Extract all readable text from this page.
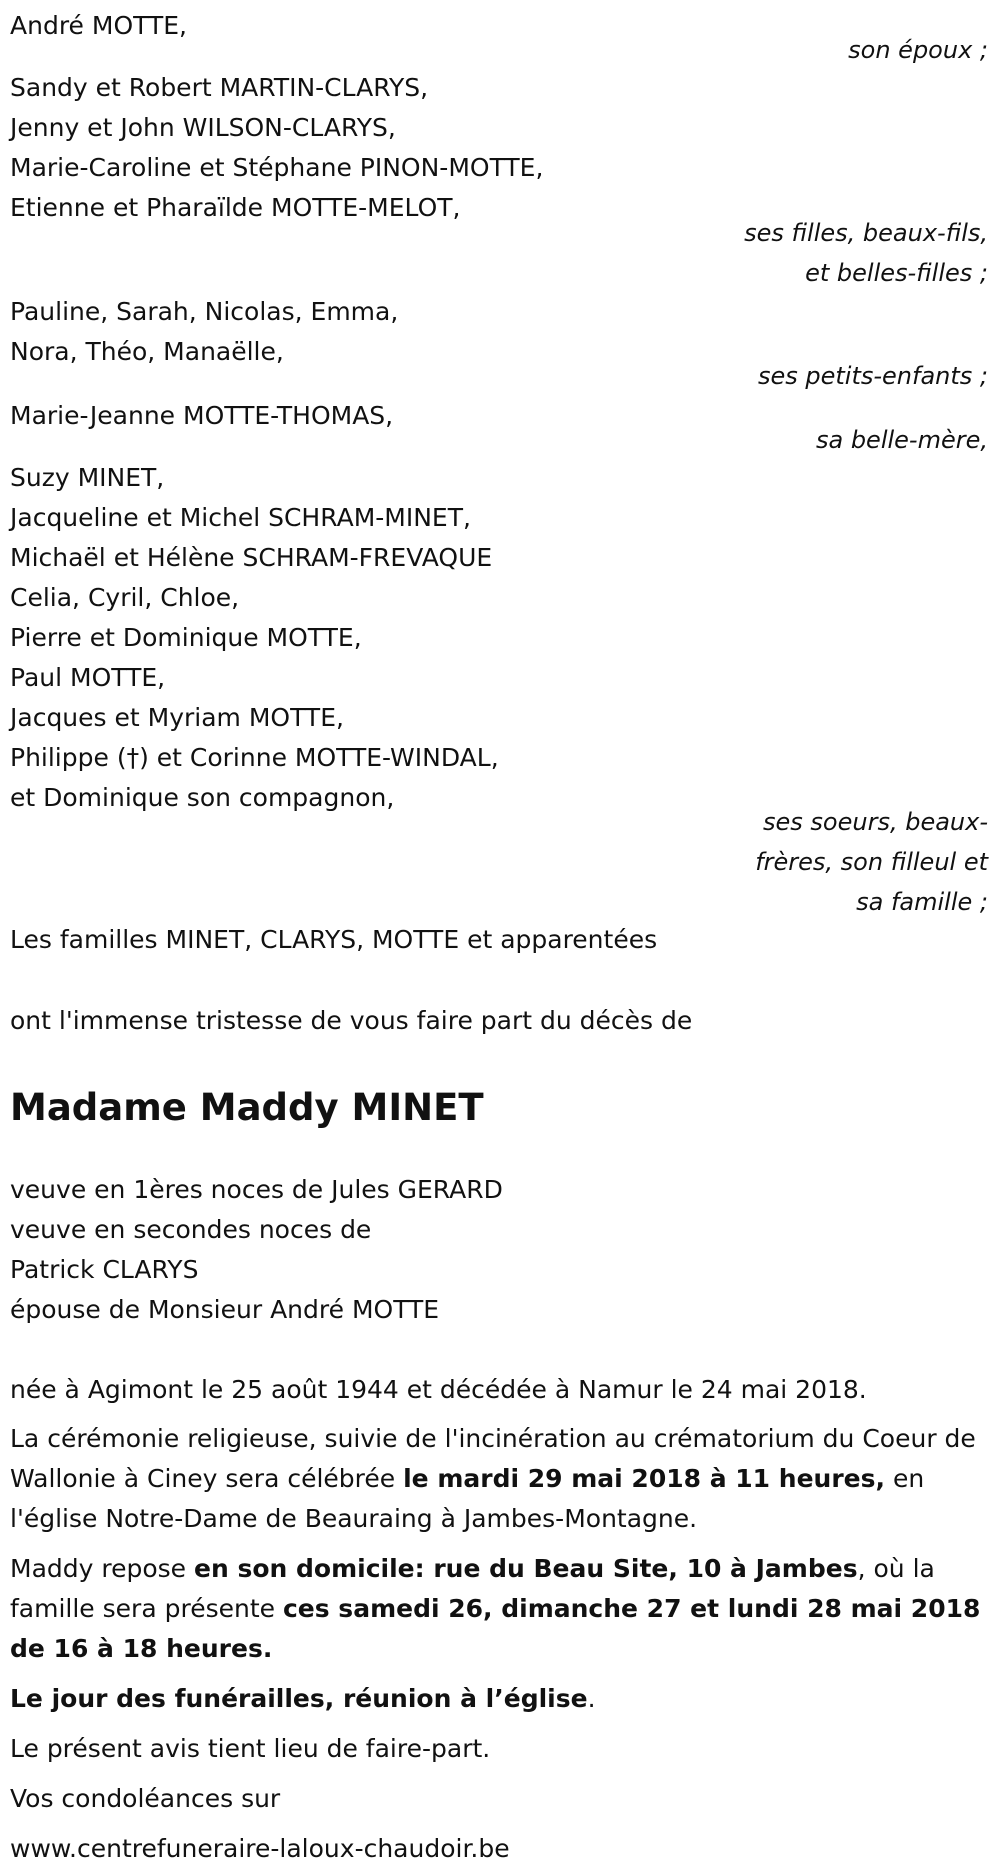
André MOTTE,
son époux ;
Sandy et Robert MARTIN-CLARYS,
Jenny et John WILSON-CLARYS,
Marie-Caroline et Stéphane PINON-MOTTE,
Etienne et Pharaïlde MOTTE-MELOT,
ses filles, beaux-fils,
et belles-filles ;
Pauline, Sarah, Nicolas, Emma,
Nora, Théo, Manaëlle,
ses petits-enfants ;
Marie-Jeanne MOTTE-THOMAS,
sa belle-mère,
Suzy MINET,
Jacqueline et Michel SCHRAM-MINET,
Michaël et Hélène SCHRAM-FREVAQUE
Celia, Cyril, Chloe,
Pierre et Dominique MOTTE,
Paul MOTTE,
Jacques et Myriam MOTTE,
Philippe (†) et Corinne MOTTE-WINDAL,
et Dominique son compagnon,
ses soeurs, beaux-
frères, son filleul et
sa famille ;
Les familles MINET, CLARYS, MOTTE et apparentées
ont l'immense tristesse de vous faire part du décès de
Madame Maddy MINET
veuve en 1ères noces de Jules GERARD
veuve en secondes noces de
Patrick CLARYS
épouse de Monsieur André MOTTE
née à Agimont le 25 août 1944 et décédée à Namur le 24 mai 2018.
La cérémonie religieuse, suivie de l'incinération au crématorium du Coeur de Wallonie à Ciney sera célébrée le mardi 29 mai 2018 à 11 heures, en l'église Notre-Dame de Beauraing à Jambes-Montagne.
Maddy repose en son domicile: rue du Beau Site, 10 à Jambes, où la famille sera présente ces samedi 26, dimanche 27 et lundi 28 mai 2018 de 16 à 18 heures.
Le jour des funérailles, réunion à l’église.
Le présent avis tient lieu de faire-part.
Vos condoléances sur
www.centrefuneraire-laloux-chaudoir.be
